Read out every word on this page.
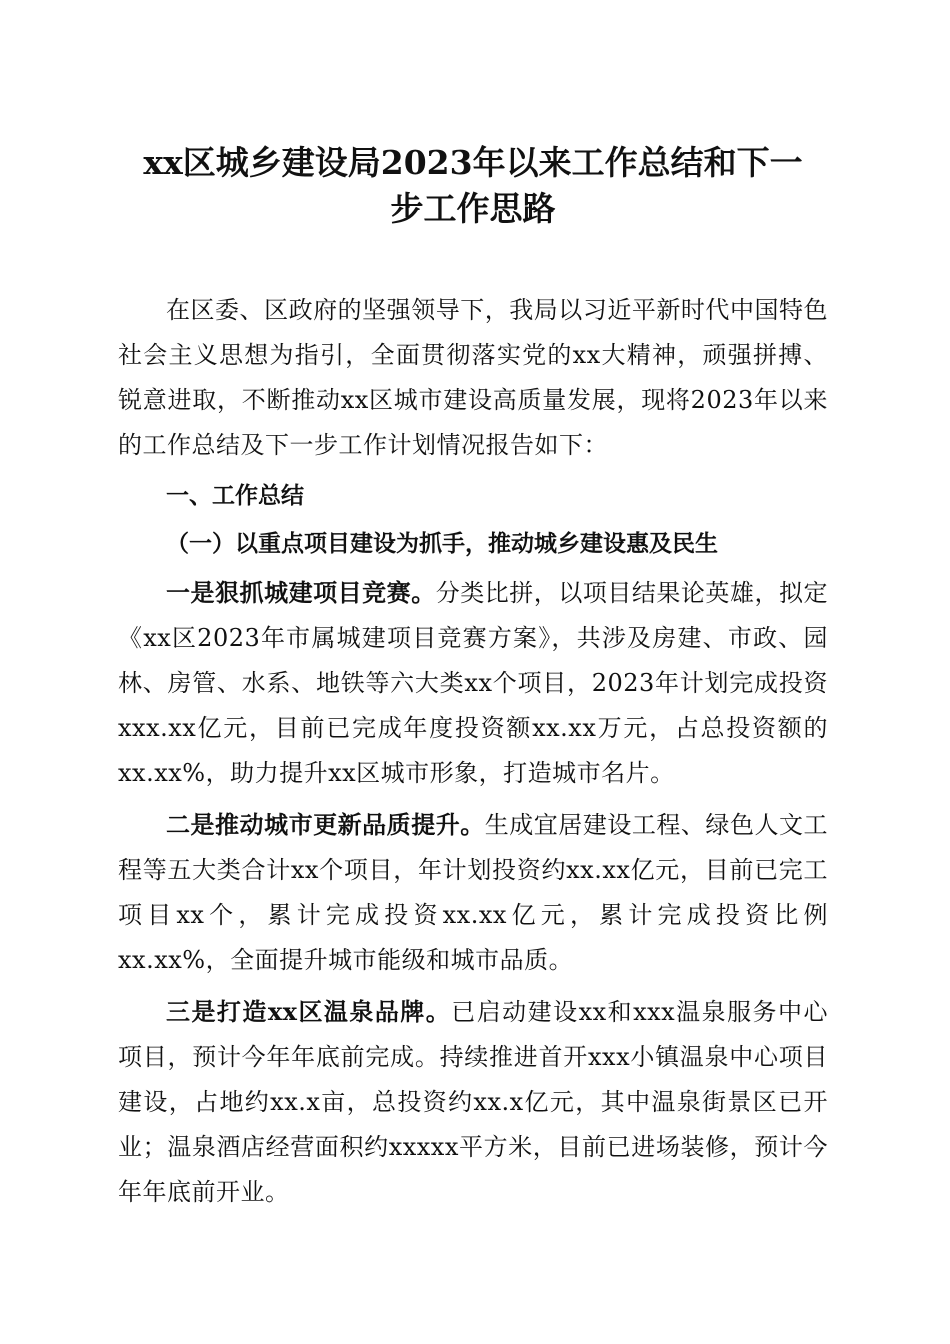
xx区城乡建设局2023年以来工作总结和下一
步工作思路

在区委、区政府的坚强领导下，我局以习近平新时代中国特色社会主义思想为指引，全面贯彻落实党的xx大精神，顽强拼搏、锐意进取，不断推动xx区城市建设高质量发展，现将2023年以来的工作总结及下一步工作计划情况报告如下：

一、工作总结
（一）以重点项目建设为抓手，推动城乡建设惠及民生

一是狠抓城建项目竞赛。分类比拼，以项目结果论英雄，拟定《xx区2023年市属城建项目竞赛方案》，共涉及房建、市政、园林、房管、水系、地铁等六大类xx个项目，2023年计划完成投资xxx.xx亿元，目前已完成年度投资额xx.xx万元，占总投资额的xx.xx%，助力提升xx区城市形象，打造城市名片。

二是推动城市更新品质提升。生成宜居建设工程、绿色人文工程等五大类合计xx个项目，年计划投资约xx.xx亿元，目前已完工项目xx个，累计完成投资xx.xx亿元，累计完成投资比例xx.xx%，全面提升城市能级和城市品质。

三是打造xx区温泉品牌。已启动建设xx和xxx温泉服务中心项目，预计今年年底前完成。持续推进首开xxx小镇温泉中心项目建设，占地约xx.x亩，总投资约xx.x亿元，其中温泉街景区已开业；温泉酒店经营面积约xxxxx平方米，目前已进场装修，预计今年年底前开业。
